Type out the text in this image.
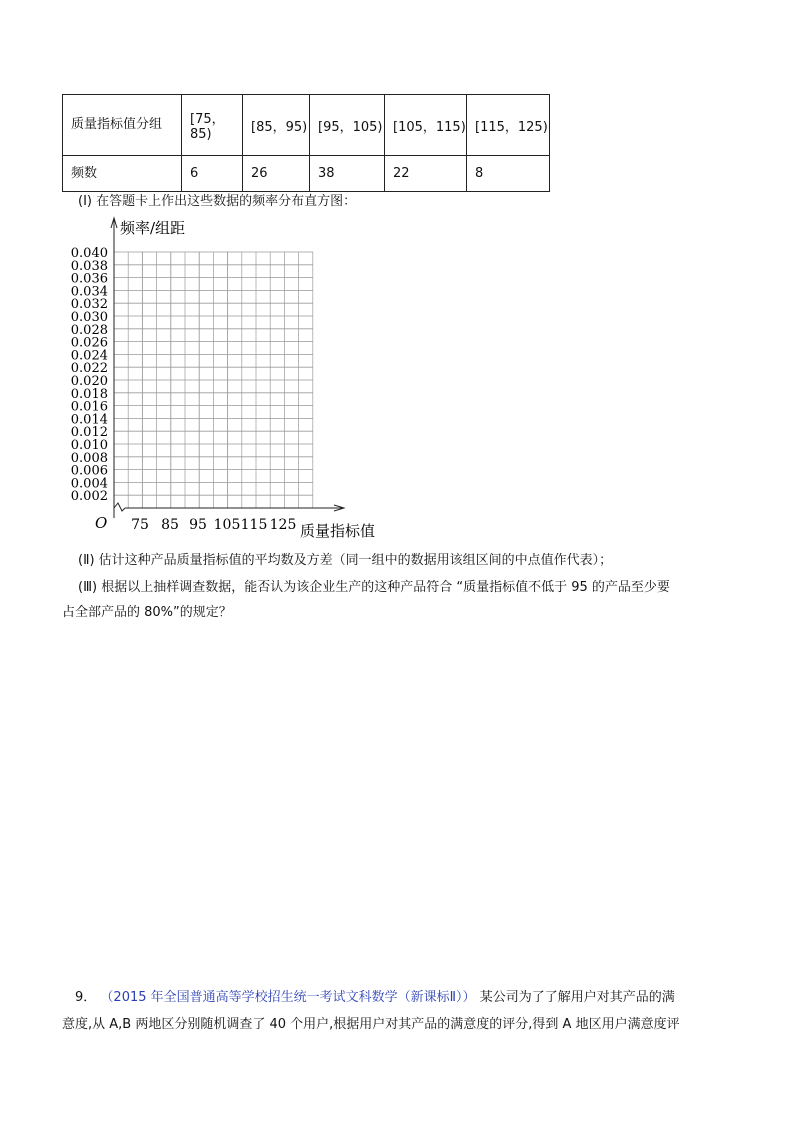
质量指标值分组	[75，85)	[85，95)	[95，105)	[105，115)	[115，125)
频数	6	26	38	22	8
(Ⅰ) 在答题卡上作出这些数据的频率分布直方图：
0.002
0.004
0.006
0.008
0.010
0.012
0.014
0.016
0.018
0.020
0.022
0.024
0.026
0.028
0.030
0.032
0.034
0.036
0.038
0.040
75 85 95 105 115 125
频率/组距
质量指标值
O
(Ⅱ) 估计这种产品质量指标值的平均数及方差（同一组中的数据用该组区间的中点值作代表）；
(Ⅲ) 根据以上抽样调查数据，能否认为该企业生产的这种产品符合 “质量指标值不低于 95 的产品至少要
占全部产品的 80%”的规定？
9． （2015 年全国普通高等学校招生统一考试文科数学（新课标Ⅱ）） 某公司为了了解用户对其产品的满
意度,从 A,B 两地区分别随机调查了 40 个用户,根据用户对其产品的满意度的评分,得到 A 地区用户满意度评
